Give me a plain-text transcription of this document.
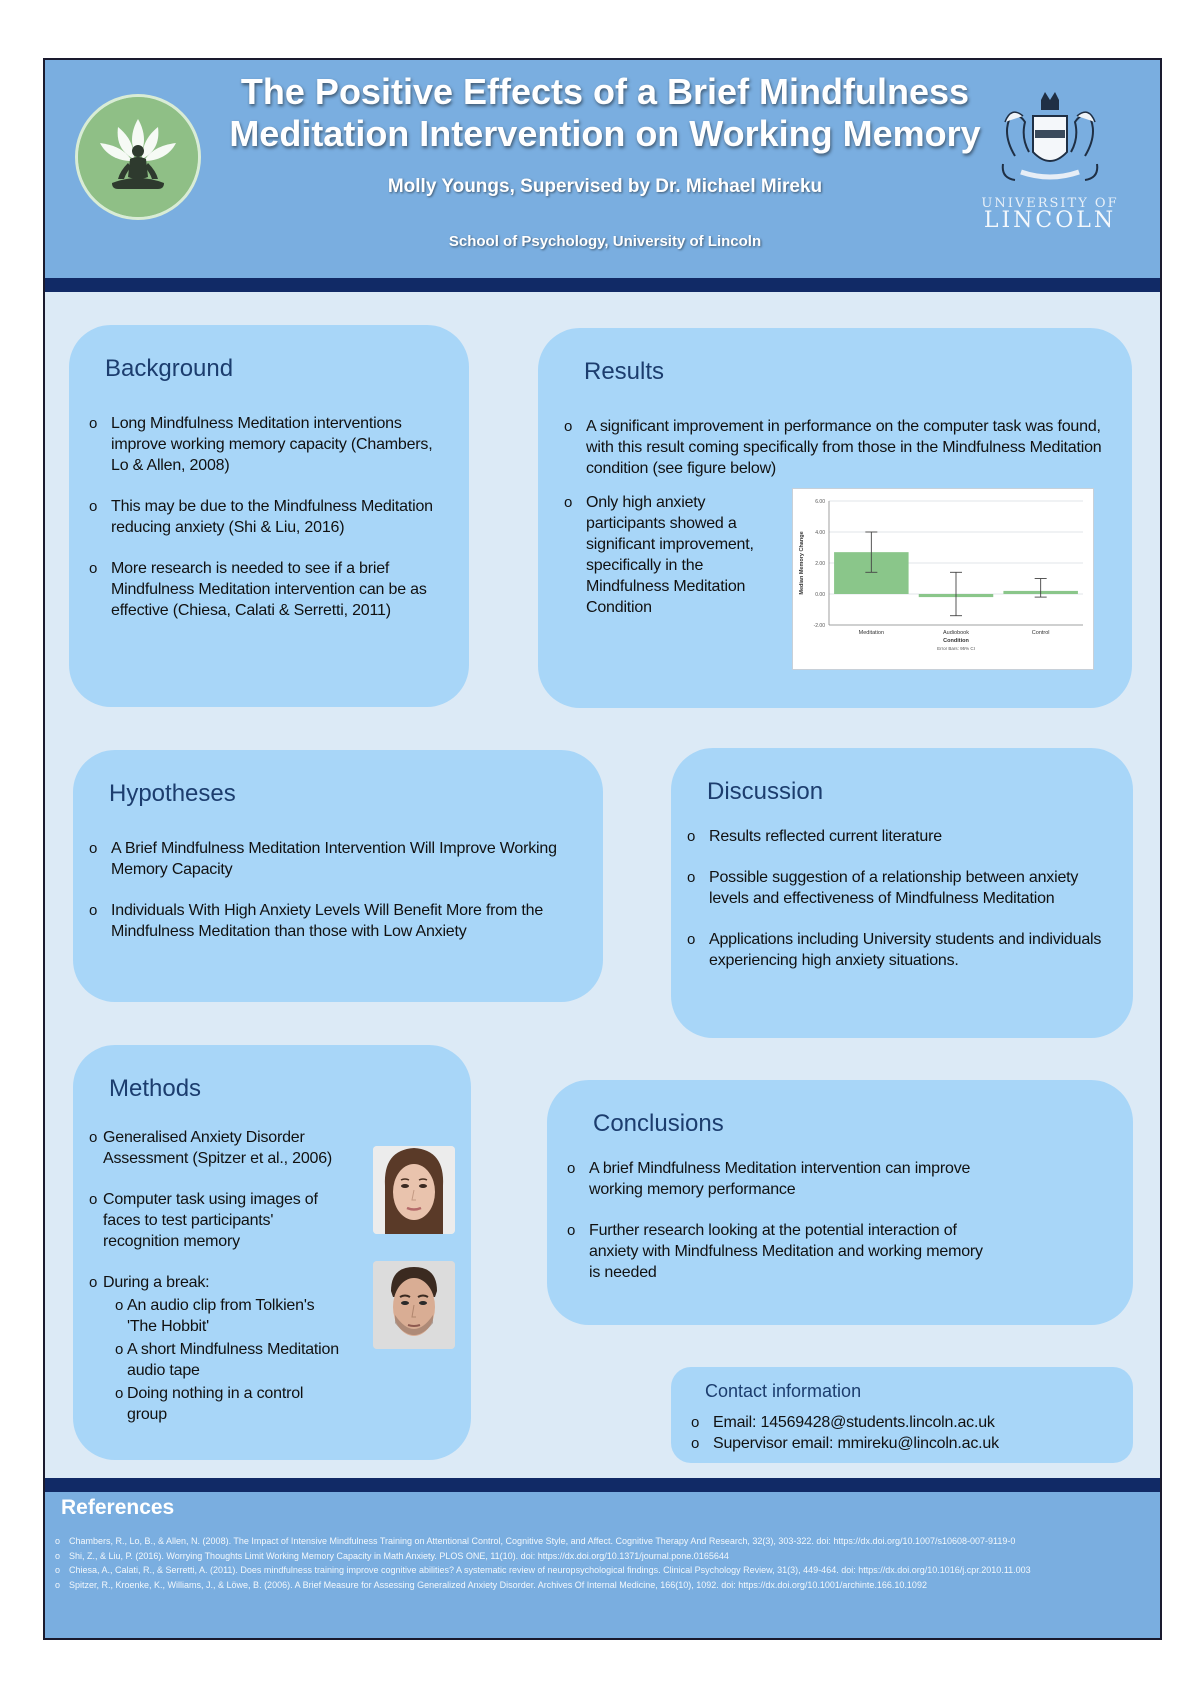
The Positive Effects of a Brief Mindfulness
Meditation Intervention on Working Memory
Molly Youngs, Supervised by Dr. Michael Mireku
School of Psychology, University of Lincoln
UNIVERSITY OF
LINCOLN
Background
o Long Mindfulness Meditation interventions improve working memory capacity (Chambers, Lo & Allen, 2008)
o This may be due to the Mindfulness Meditation reducing anxiety (Shi & Liu, 2016)
o More research is needed to see if a brief Mindfulness Meditation intervention can be as effective (Chiesa, Calati & Serretti, 2011)
Results
o A significant improvement in performance on the computer task was found, with this result coming specifically from those in the Mindfulness Meditation condition (see figure below)
o Only high anxiety participants showed a significant improvement, specifically in the Mindfulness Meditation Condition
-2.00
0.00
2.00
4.00
6.00
Meditation	Audiobook	Control
Condition
Error Bars: 95% CI
Median Memory Change
Hypotheses
o A Brief Mindfulness Meditation Intervention Will Improve Working Memory Capacity
o Individuals With High Anxiety Levels Will Benefit More from the Mindfulness Meditation than those with Low Anxiety
Discussion
o Results reflected current literature
o Possible suggestion of a relationship between anxiety levels and effectiveness of Mindfulness Meditation
o Applications including University students and individuals experiencing high anxiety situations.
Methods
o Generalised Anxiety Disorder Assessment (Spitzer et al., 2006)
o Computer task using images of faces to test participants' recognition memory
o During a break:
o An audio clip from Tolkien's 'The Hobbit'
o A short Mindfulness Meditation audio tape
o Doing nothing in a control group
Conclusions
o A brief Mindfulness Meditation intervention can improve working memory performance
o Further research looking at the potential interaction of anxiety with Mindfulness Meditation and working memory is needed
Contact information
o Email: 14569428@students.lincoln.ac.uk
o Supervisor email: mmireku@lincoln.ac.uk
References
o Chambers, R., Lo, B., & Allen, N. (2008). The Impact of Intensive Mindfulness Training on Attentional Control, Cognitive Style, and Affect. Cognitive Therapy And Research, 32(3), 303-322. doi: https://dx.doi.org/10.1007/s10608-007-9119-0
o Shi, Z., & Liu, P. (2016). Worrying Thoughts Limit Working Memory Capacity in Math Anxiety. PLOS ONE, 11(10). doi: https://dx.doi.org/10.1371/journal.pone.0165644
o Chiesa, A., Calati, R., & Serretti, A. (2011). Does mindfulness training improve cognitive abilities? A systematic review of neuropsychological findings. Clinical Psychology Review, 31(3), 449-464. doi: https://dx.doi.org/10.1016/j.cpr.2010.11.003
o Spitzer, R., Kroenke, K., Williams, J., & Löwe, B. (2006). A Brief Measure for Assessing Generalized Anxiety Disorder. Archives Of Internal Medicine, 166(10), 1092. doi: https://dx.doi.org/10.1001/archinte.166.10.1092
